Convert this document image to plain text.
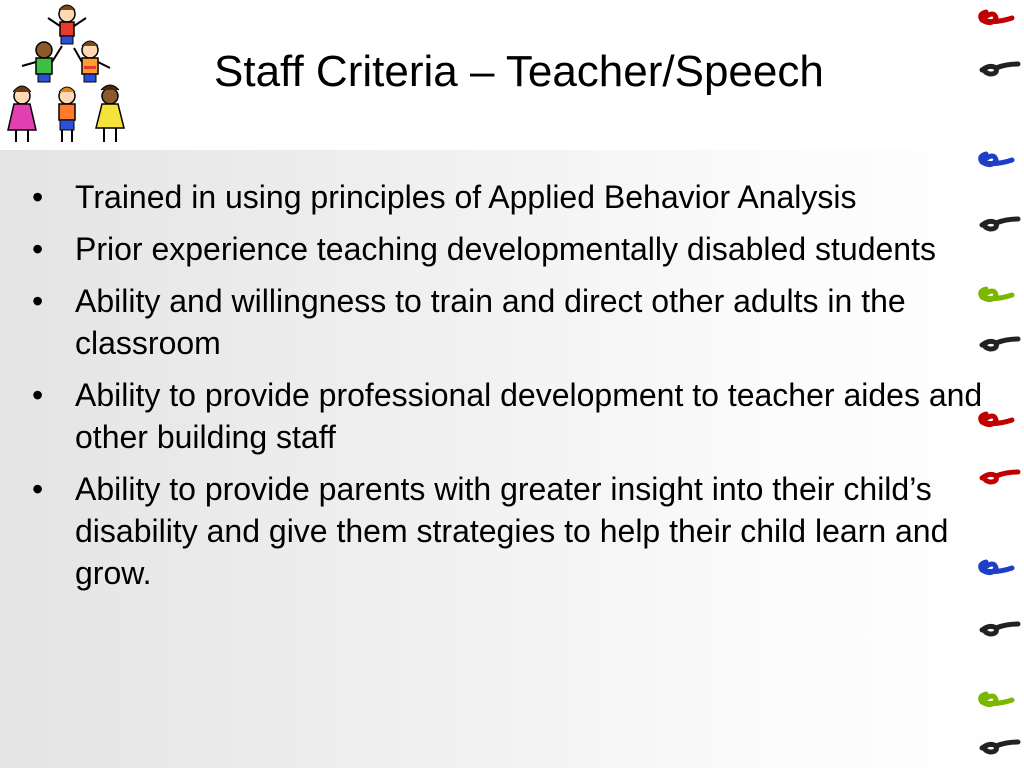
Staff Criteria – Teacher/Speech
• Trained in using principles of Applied Behavior Analysis
• Prior experience teaching developmentally disabled students
• Ability and willingness to train and direct other adults in the classroom
• Ability to provide professional development to teacher aides and other building staff
• Ability to provide parents with greater insight into their child’s disability and give them strategies to help their child learn and grow.
